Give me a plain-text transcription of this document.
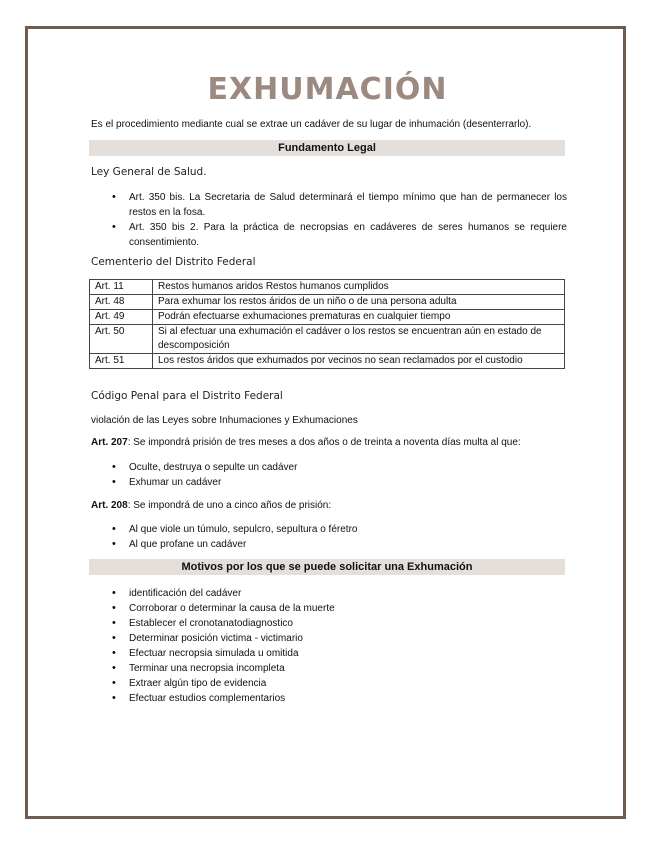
EXHUMACIÓN
Es el procedimiento mediante cual se extrae un cadáver de su lugar de inhumación (desenterrarlo).
Fundamento Legal
Ley General de Salud.
• Art. 350 bis. La Secretaria de Salud determinará el tiempo mínimo que han de permanecer los restos en la fosa.
• Art. 350 bis 2. Para la práctica de necropsias en cadáveres de seres humanos se requiere consentimiento.
Cementerio del Distrito Federal
Art. 11	Restos humanos aridos Restos humanos cumplidos
Art. 48	Para exhumar los restos áridos de un niño o de una persona adulta
Art. 49	Podrán efectuarse exhumaciones prematuras en cualquier tiempo
Art. 50	Si al efectuar una exhumación el cadáver o los restos se encuentran aún en estado de descomposición
Art. 51	Los restos áridos que exhumados por vecinos no sean reclamados por el custodio
Código Penal para el Distrito Federal
violación de las Leyes sobre Inhumaciones y Exhumaciones
Art. 207: Se impondrá prisión de tres meses a dos años o de treinta a noventa días multa al que:
• Oculte, destruya o sepulte un cadáver
• Exhumar un cadáver
Art. 208: Se impondrá de uno a cinco años de prisión:
• Al que viole un túmulo, sepulcro, sepultura o féretro
• Al que profane un cadáver
Motivos por los que se puede solicitar una Exhumación
• identificación del cadáver
• Corroborar o determinar la causa de la muerte
• Establecer el cronotanatodiagnostico
• Determinar posición victima - victimario
• Efectuar necropsia simulada u omitida
• Terminar una necropsia incompleta
• Extraer algún tipo de evidencia
• Efectuar estudios complementarios
